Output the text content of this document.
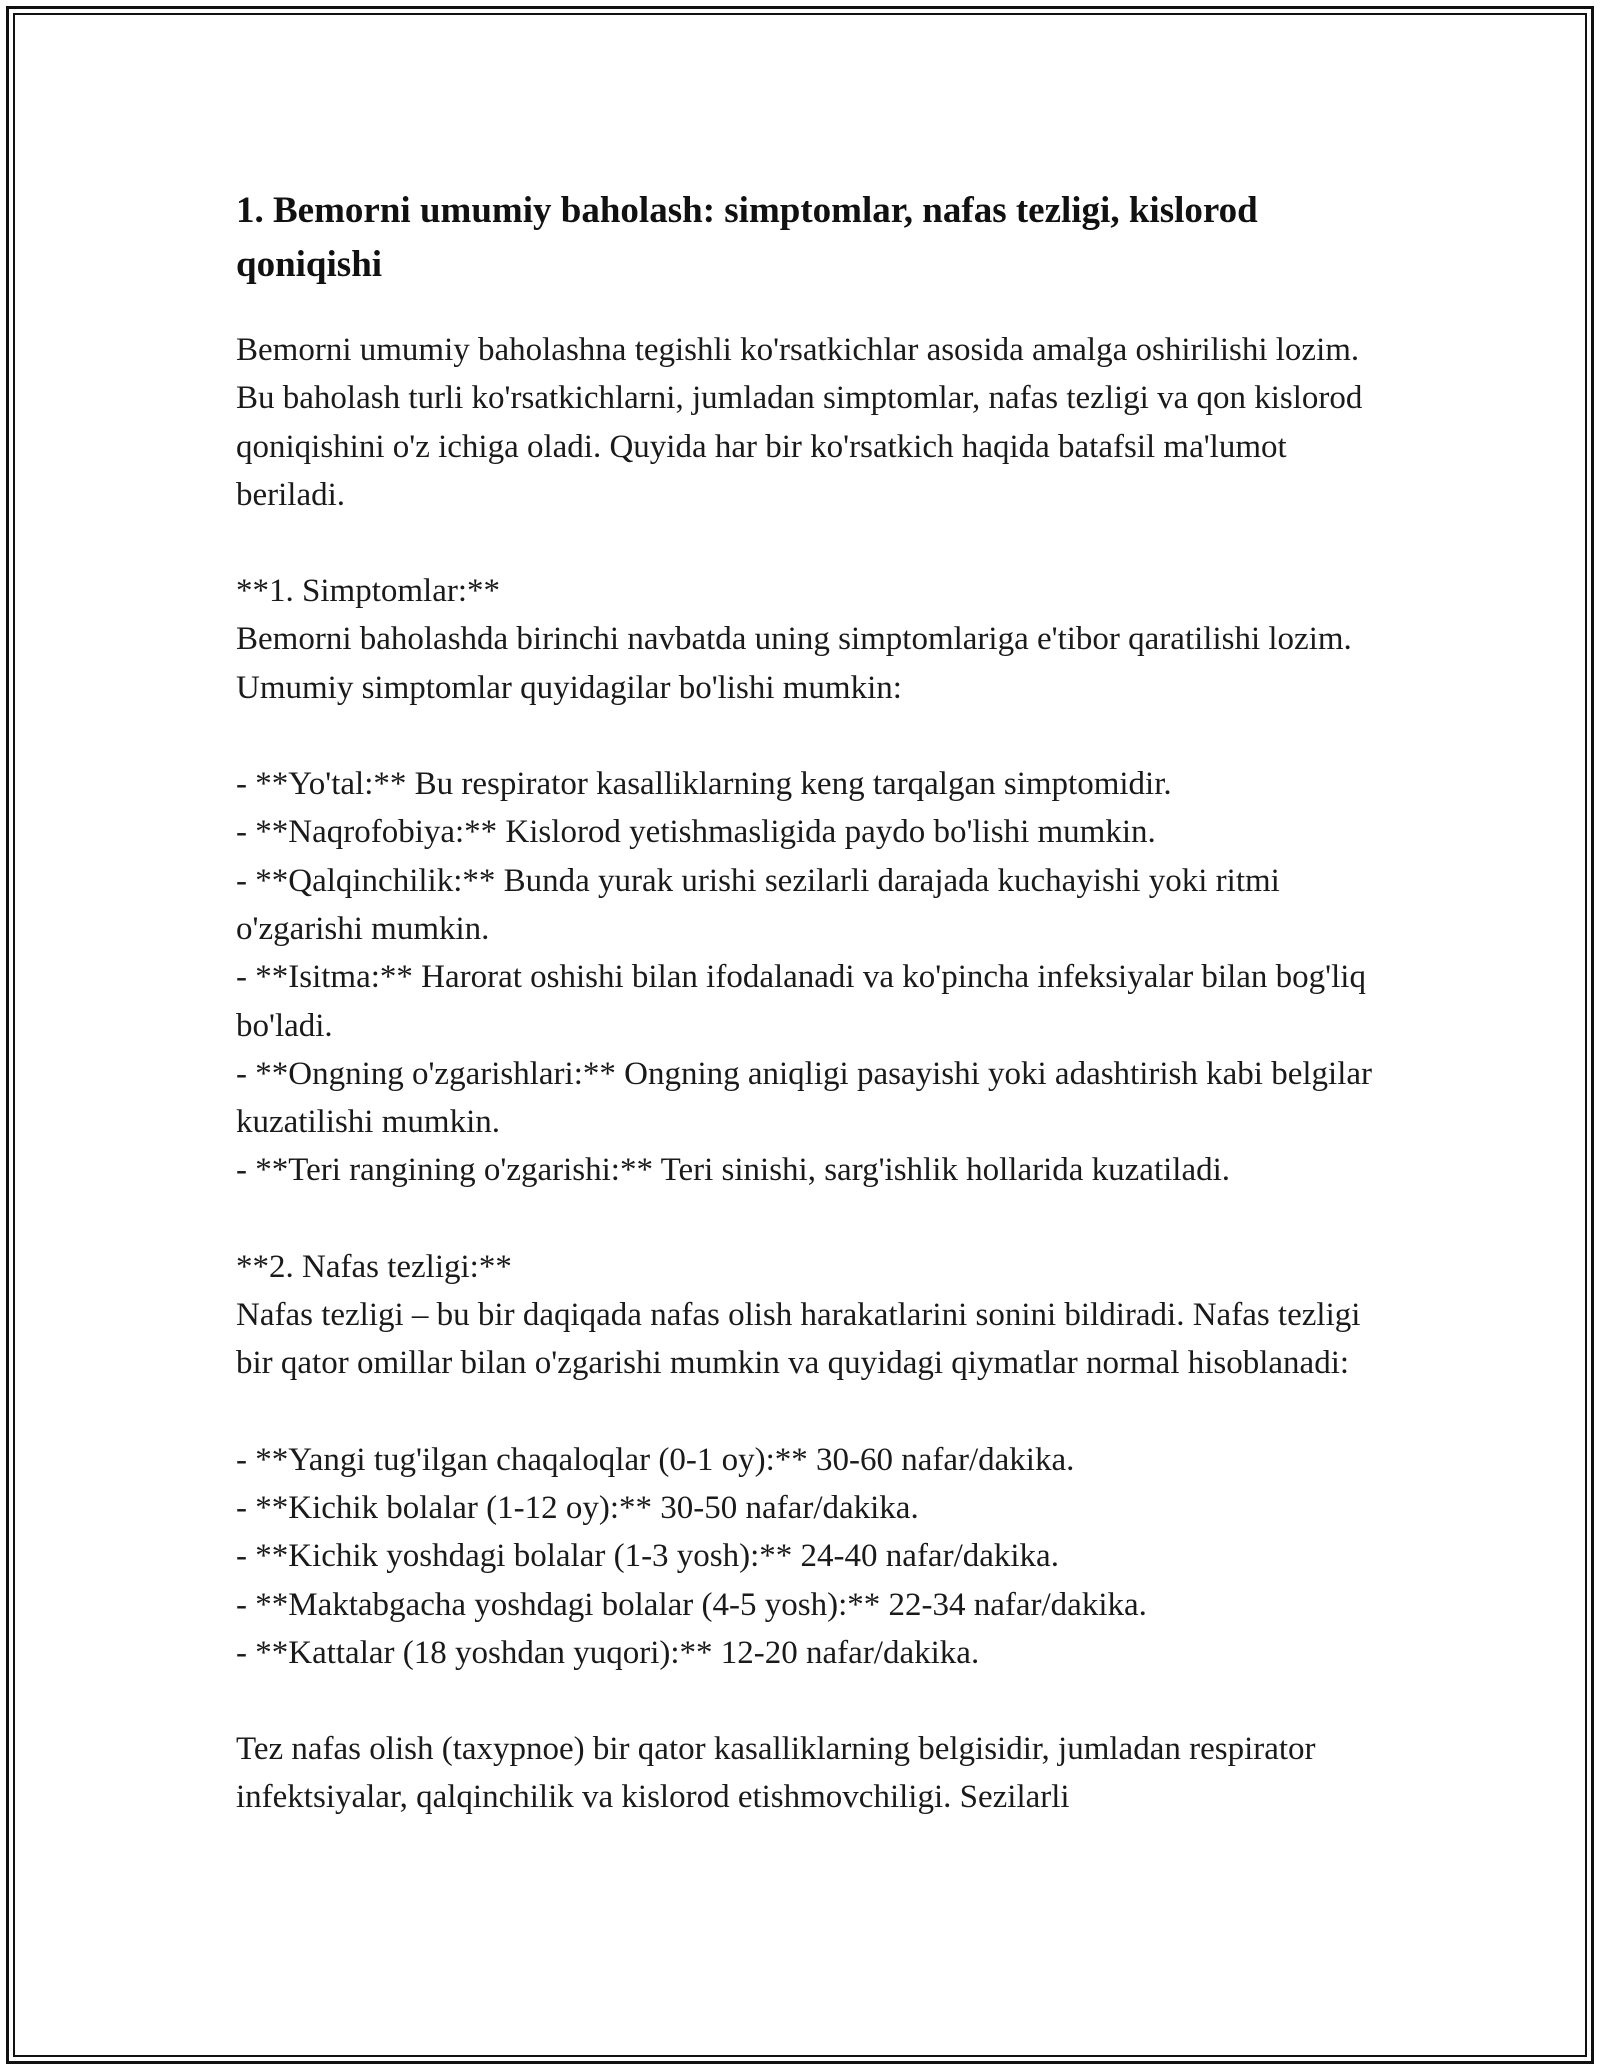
1. Bemorni umumiy baholash: simptomlar, nafas tezligi, kislorod qoniqishi

Bemorni umumiy baholashna tegishli ko'rsatkichlar asosida amalga oshirilishi lozim. Bu baholash turli ko'rsatkichlarni, jumladan simptomlar, nafas tezligi va qon kislorod qoniqishini o'z ichiga oladi. Quyida har bir ko'rsatkich haqida batafsil ma'lumot beriladi.

**1. Simptomlar:**
Bemorni baholashda birinchi navbatda uning simptomlariga e'tibor qaratilishi lozim. Umumiy simptomlar quyidagilar bo'lishi mumkin:
- **Yo'tal:** Bu respirator kasalliklarning keng tarqalgan simptomidir.
- **Naqrofobiya:** Kislorod yetishmasligida paydo bo'lishi mumkin.
- **Qalqinchilik:** Bunda yurak urishi sezilarli darajada kuchayishi yoki ritmi o'zgarishi mumkin.
- **Isitma:** Harorat oshishi bilan ifodalanadi va ko'pincha infeksiyalar bilan bog'liq bo'ladi.
- **Ongning o'zgarishlari:** Ongning aniqligi pasayishi yoki adashtirish kabi belgilar kuzatilishi mumkin.
- **Teri rangining o'zgarishi:** Teri sinishi, sarg'ishlik hollarida kuzatiladi.
**2. Nafas tezligi:**
Nafas tezligi – bu bir daqiqada nafas olish harakatlarini sonini bildiradi. Nafas tezligi bir qator omillar bilan o'zgarishi mumkin va quyidagi qiymatlar normal hisoblanadi:
- **Yangi tug'ilgan chaqaloqlar (0-1 oy):** 30-60 nafar/dakika.
- **Kichik bolalar (1-12 oy):** 30-50 nafar/dakika.
- **Kichik yoshdagi bolalar (1-3 yosh):** 24-40 nafar/dakika.
- **Maktabgacha yoshdagi bolalar (4-5 yosh):** 22-34 nafar/dakika.
- **Kattalar (18 yoshdan yuqori):** 12-20 nafar/dakika.

Tez nafas olish (taxypnoe) bir qator kasalliklarning belgisidir, jumladan respirator infektsiyalar, qalqinchilik va kislorod etishmovchiligi. Sezilarli
